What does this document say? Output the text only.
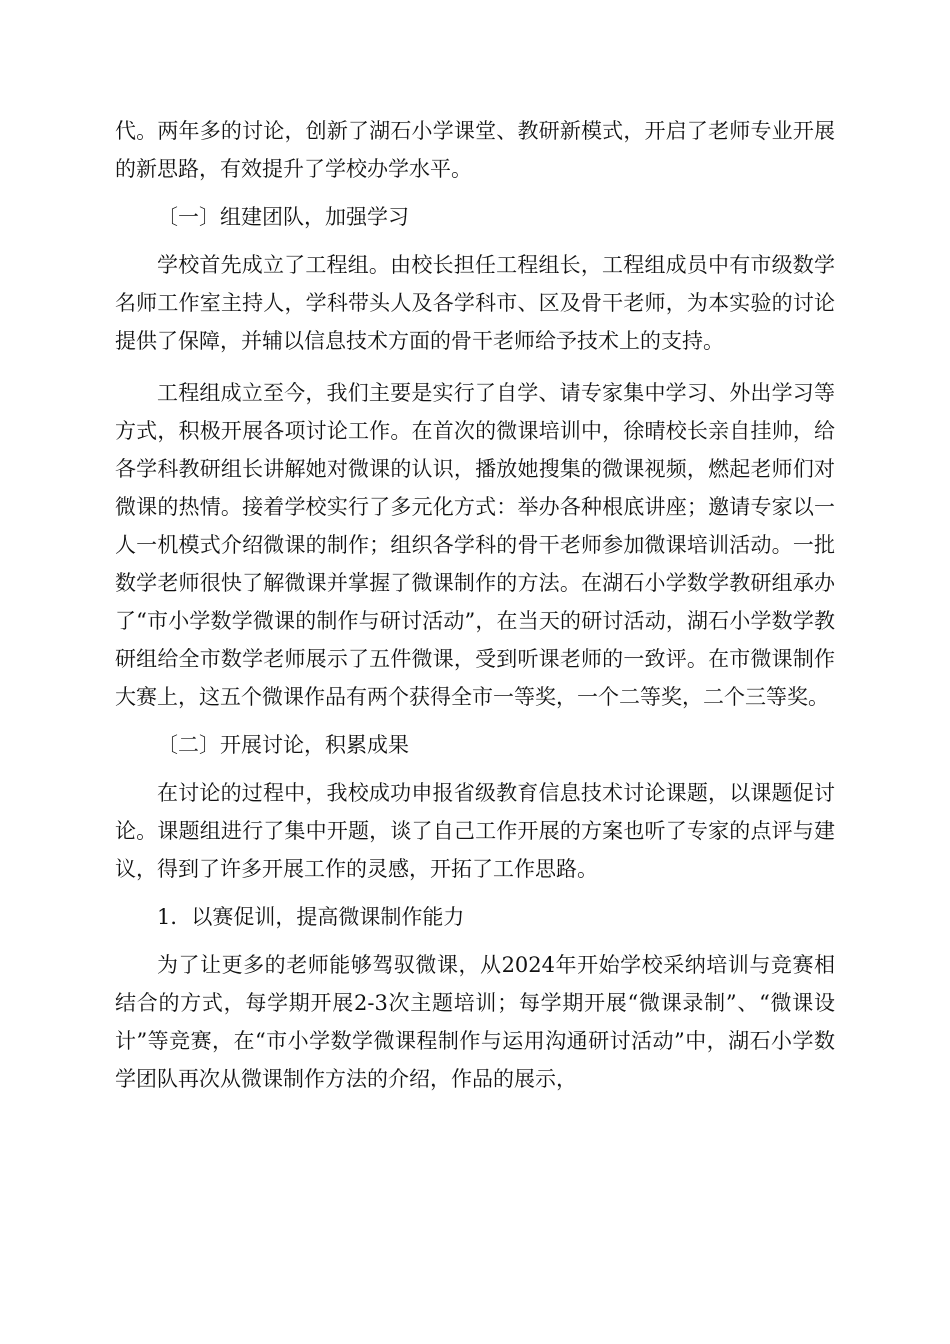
代。两年多的讨论，创新了湖石小学课堂、教研新模式，开启了老师专业开展的新思路，有效提升了学校办学水平。

〔一〕组建团队，加强学习

学校首先成立了工程组。由校长担任工程组长，工程组成员中有市级数学名师工作室主持人，学科带头人及各学科市、区及骨干老师，为本实验的讨论提供了保障，并辅以信息技术方面的骨干老师给予技术上的支持。

工程组成立至今，我们主要是实行了自学、请专家集中学习、外出学习等方式，积极开展各项讨论工作。在首次的微课培训中，徐晴校长亲自挂帅，给各学科教研组长讲解她对微课的认识，播放她搜集的微课视频，燃起老师们对微课的热情。接着学校实行了多元化方式：举办各种根底讲座；邀请专家以一人一机模式介绍微课的制作；组织各学科的骨干老师参加微课培训活动。一批数学老师很快了解微课并掌握了微课制作的方法。在湖石小学数学教研组承办了“市小学数学微课的制作与研讨活动”，在当天的研讨活动，湖石小学数学教研组给全市数学老师展示了五件微课，受到听课老师的一致评。在市微课制作大赛上，这五个微课作品有两个获得全市一等奖，一个二等奖，二个三等奖。

〔二〕开展讨论，积累成果

在讨论的过程中，我校成功申报省级教育信息技术讨论课题，以课题促讨论。课题组进行了集中开题，谈了自己工作开展的方案也听了专家的点评与建议，得到了许多开展工作的灵感，开拓了工作思路。

1．以赛促训，提高微课制作能力

为了让更多的老师能够驾驭微课，从2024年开始学校采纳培训与竞赛相结合的方式，每学期开展2-3次主题培训；每学期开展“微课录制”、“微课设计”等竞赛，在“市小学数学微课程制作与运用沟通研讨活动”中，湖石小学数学团队再次从微课制作方法的介绍，作品的展示，
